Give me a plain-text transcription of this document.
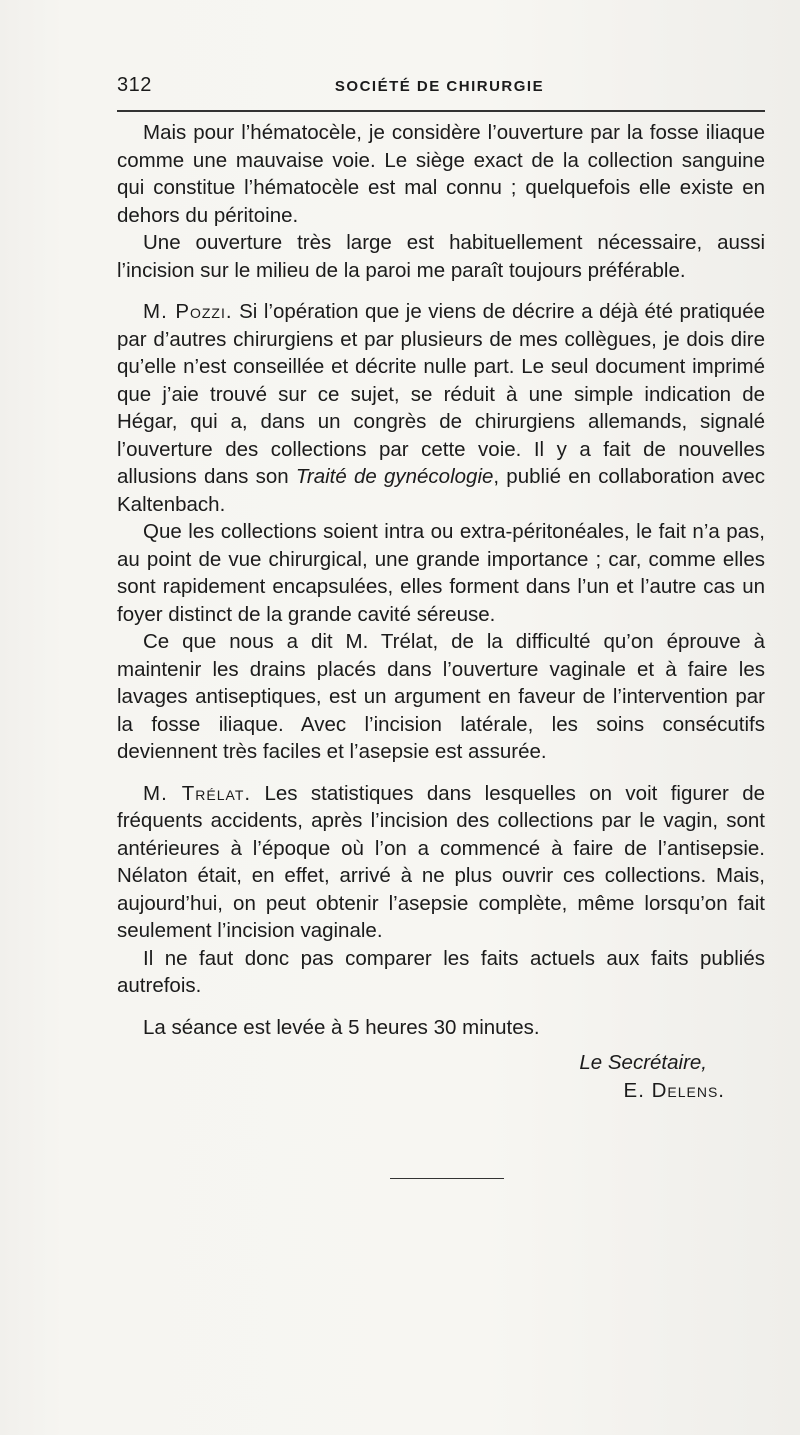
312	SOCIÉTÉ DE CHIRURGIE

Mais pour l’hématocèle, je considère l’ouverture par la fosse iliaque comme une mauvaise voie. Le siège exact de la collection sanguine qui constitue l’hématocèle est mal connu ; quelquefois elle existe en dehors du péritoine.

Une ouverture très large est habituellement nécessaire, aussi l’incision sur le milieu de la paroi me paraît toujours préférable.

M. Pozzi. Si l’opération que je viens de décrire a déjà été pratiquée par d’autres chirurgiens et par plusieurs de mes collègues, je dois dire qu’elle n’est conseillée et décrite nulle part. Le seul document imprimé que j’aie trouvé sur ce sujet, se réduit à une simple indication de Hégar, qui a, dans un congrès de chirurgiens allemands, signalé l’ouverture des collections par cette voie. Il y a fait de nouvelles allusions dans son Traité de gynécologie, publié en collaboration avec Kaltenbach.

Que les collections soient intra ou extra-péritonéales, le fait n’a pas, au point de vue chirurgical, une grande importance ; car, comme elles sont rapidement encapsulées, elles forment dans l’un et l’autre cas un foyer distinct de la grande cavité séreuse.

Ce que nous a dit M. Trélat, de la difficulté qu’on éprouve à maintenir les drains placés dans l’ouverture vaginale et à faire les lavages antiseptiques, est un argument en faveur de l’intervention par la fosse iliaque. Avec l’incision latérale, les soins consécutifs deviennent très faciles et l’asepsie est assurée.

M. Trélat. Les statistiques dans lesquelles on voit figurer de fréquents accidents, après l’incision des collections par le vagin, sont antérieures à l’époque où l’on a commencé à faire de l’antisepsie. Nélaton était, en effet, arrivé à ne plus ouvrir ces collections. Mais, aujourd’hui, on peut obtenir l’asepsie complète, même lorsqu’on fait seulement l’incision vaginale.

Il ne faut donc pas comparer les faits actuels aux faits publiés autrefois.

La séance est levée à 5 heures 30 minutes.

Le Secrétaire,

E. Delens.
